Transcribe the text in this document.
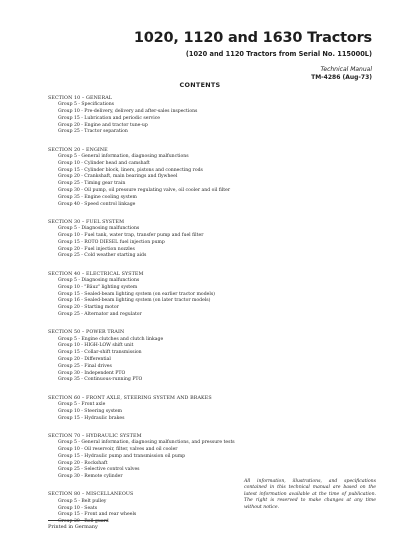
1020, 1120 and 1630 Tractors
(1020 and 1120 Tractors from Serial No. 115000L)
Technical Manual
TM-4286 (Aug-73)
CONTENTS
SECTION 10 – GENERAL
Group 5 - Specifications
Group 10 - Pre-delivery, delivery and after-sales inspections
Group 15 - Lubrication and periodic service
Group 20 - Engine and tractor tune-up
Group 25 - Tractor separation
SECTION 20 – ENGINE
Group 5 - General information, diagnosing malfunctions
Group 10 - Cylinder head and camshaft
Group 15 - Cylinder block, liners, pistons and connecting rods
Group 20 - Crankshaft, main bearings and flywheel
Group 25 - Timing gear train
Group 30 - Oil pump, oil pressure regulating valve, oil cooler and oil filter
Group 35 - Engine cooling system
Group 40 - Speed control linkage
SECTION 30 – FUEL SYSTEM
Group 5 - Diagnosing malfunctions
Group 10 - Fuel tank, water trap, transfer pump and fuel filter
Group 15 - ROTO DIESEL fuel injection pump
Group 20 - Fuel injection nozzles
Group 25 - Cold weather starting aids
SECTION 40 – ELECTRICAL SYSTEM
Group 5 - Diagnosing malfunctions
Group 10 - "Bäuz" lighting system
Group 15 - Sealed-beam lighting system (on earlier tractor models)
Group 16 - Sealed-beam lighting system (on later tractor models)
Group 20 - Starting motor
Group 25 - Alternator and regulator
SECTION 50 – POWER TRAIN
Group 5 - Engine clutches and clutch linkage
Group 10 - HIGH-LOW shift unit
Group 15 - Collar-shift transmission
Group 20 - Differential
Group 25 - Final drives
Group 30 - Independent PTO
Group 35 - Continuous-running PTO
SECTION 60 – FRONT AXLE, STEERING SYSTEM AND BRAKES
Group 5 - Front axle
Group 10 - Steering system
Group 15 - Hydraulic brakes
SECTION 70 – HYDRAULIC SYSTEM
Group 5 - General information, diagnosing malfunctions, and pressure tests
Group 10 - Oil reservoir, filter, valves and oil cooler
Group 15 - Hydraulic pump and transmission oil pump
Group 20 - Rockshaft
Group 25 - Selective control valves
Group 30 - Remote cylinder
SECTION 80 – MISCELLANEOUS
Group 5 - Belt pulley
Group 10 - Seats
Group 15 - Front and rear wheels
Group 20 - Roll guard
All information, illustrations, and specifications contained in this technical manual are based on the latest information available at the time of publication. The right is reserved to make changes at any time without notice.
Printed in Germany
